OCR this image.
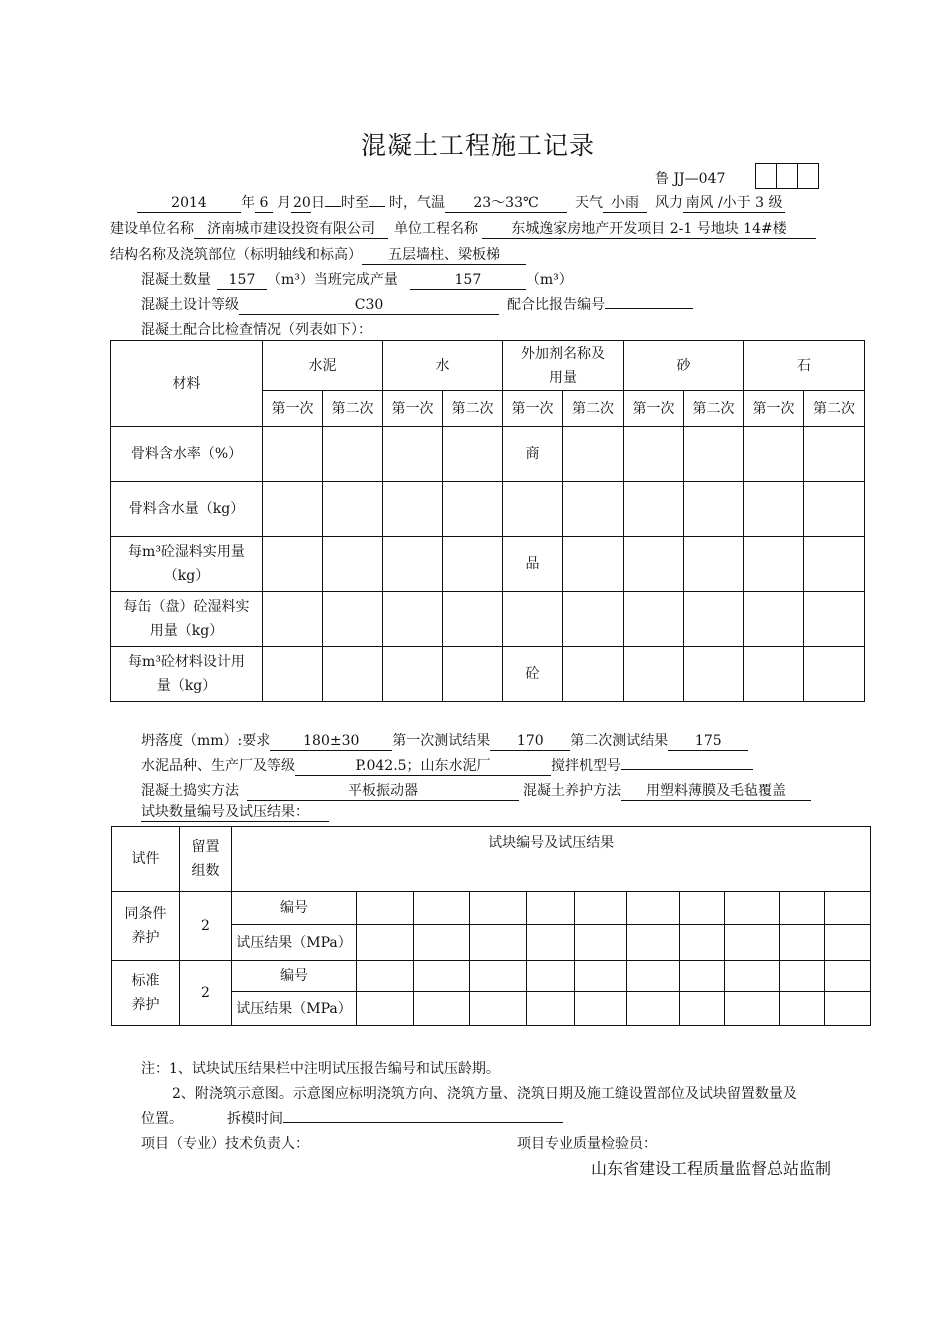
混凝土工程施工记录
鲁 JJ—047
2014 年 6 月 20日 时至 时，气温 23～33℃	天气 小雨 风力 南风 /小于 3 级
建设单位名称 济南城市建设投资有限公司 单位工程名称 东城逸家房地产开发项目 2-1 号地块 14#楼
结构名称及浇筑部位（标明轴线和标高） 五层墙柱、梁板梯
混凝土数量 157 （m³）当班完成产量	157	（m³）
混凝土设计等级	C30	配合比报告编号
混凝土配合比检查情况（列表如下）：
材料	水泥		水		外加剂名称及用量		砂		石	
	第一次	第二次	第一次	第二次	第一次	第二次	第一次	第二次	第一次	第二次
骨料含水率（%）					商					
骨料含水量（kg）										
每m³砼湿料实用量（kg）					品					
每缶（盘）砼湿料实用量（kg）										
每m³砼材料设计用量（kg）					砼					
坍落度（mm）:要求 180±30 第一次测试结果 170 第二次测试结果 175
水泥品种、生产厂及等级	P.042.5；山东水泥厂	搅拌机型号
混凝土捣实方法	平板振动器	混凝土养护方法 用塑料薄膜及毛毡覆盖
试块数量编号及试压结果：
试件	留置组数	试块编号及试压结果										
同条件养护	2	编号										
		试压结果（MPa）										
标准养护	2	编号										
		试压结果（MPa）										
注：1、试块试压结果栏中注明试压报告编号和试压龄期。
2、附浇筑示意图。示意图应标明浇筑方向、浇筑方量、浇筑日期及施工缝设置部位及试块留置数量及
位置。	拆模时间
项目（专业）技术负责人：	项目专业质量检验员：
山东省建设工程质量监督总站监制
